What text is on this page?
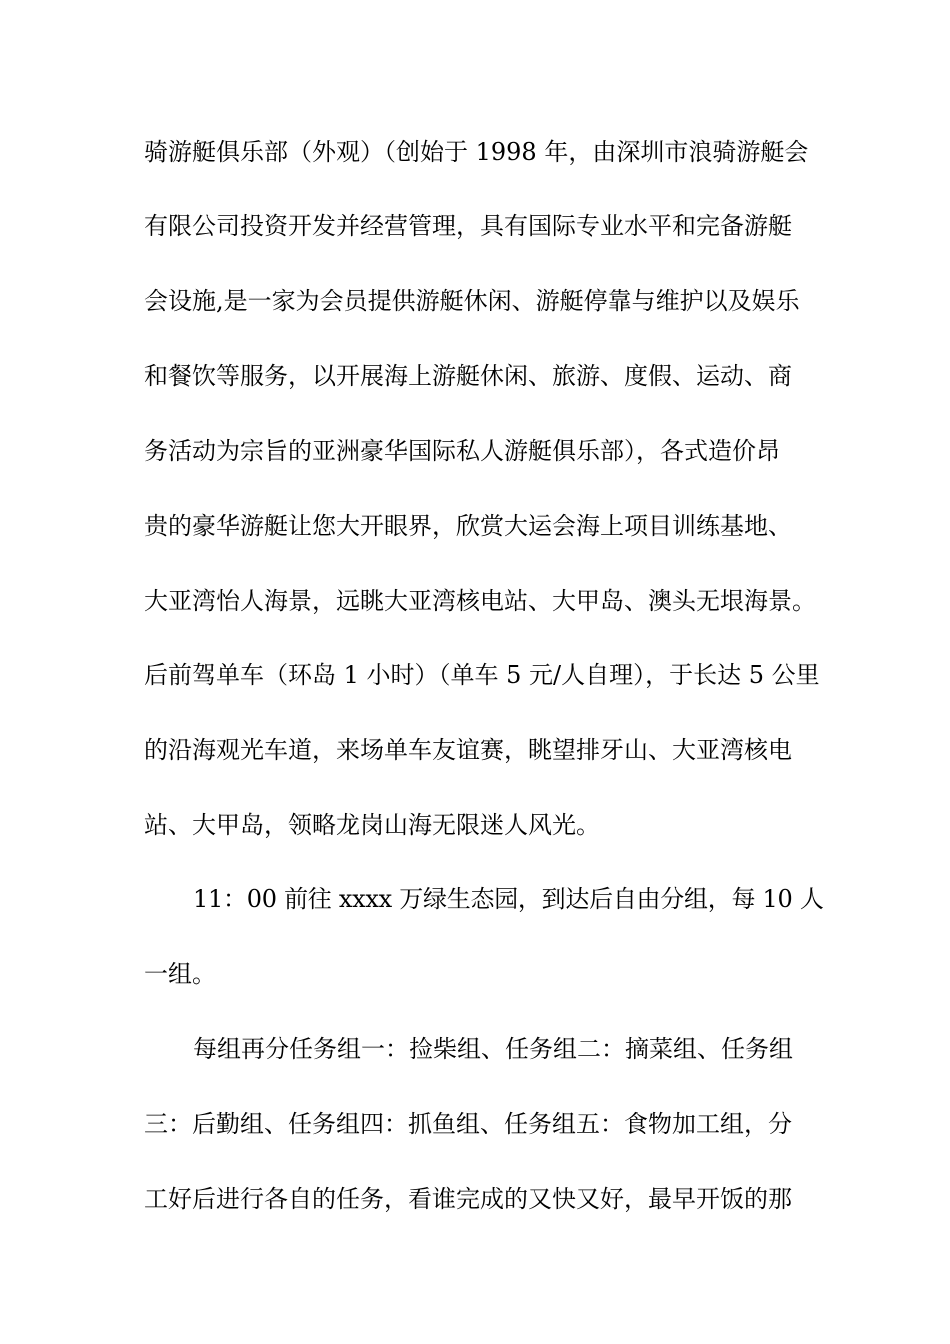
骑游艇俱乐部（外观）（创始于 1998 年，由深圳市浪骑游艇会
有限公司投资开发并经营管理，具有国际专业水平和完备游艇
会设施,是一家为会员提供游艇休闲、游艇停靠与维护以及娱乐
和餐饮等服务，以开展海上游艇休闲、旅游、度假、运动、商
务活动为宗旨的亚洲豪华国际私人游艇俱乐部），各式造价昂
贵的豪华游艇让您大开眼界，欣赏大运会海上项目训练基地、
大亚湾怡人海景，远眺大亚湾核电站、大甲岛、澳头无垠海景。
后前驾单车（环岛 1 小时）（单车 5 元/人自理），于长达 5 公里
的沿海观光车道，来场单车友谊赛，眺望排牙山、大亚湾核电
站、大甲岛，领略龙岗山海无限迷人风光。
11：00 前往 xxxx 万绿生态园，到达后自由分组，每 10 人
一组。
每组再分任务组一：捡柴组、任务组二：摘菜组、任务组
三：后勤组、任务组四：抓鱼组、任务组五：食物加工组，分
工好后进行各自的任务，看谁完成的又快又好，最早开饭的那
